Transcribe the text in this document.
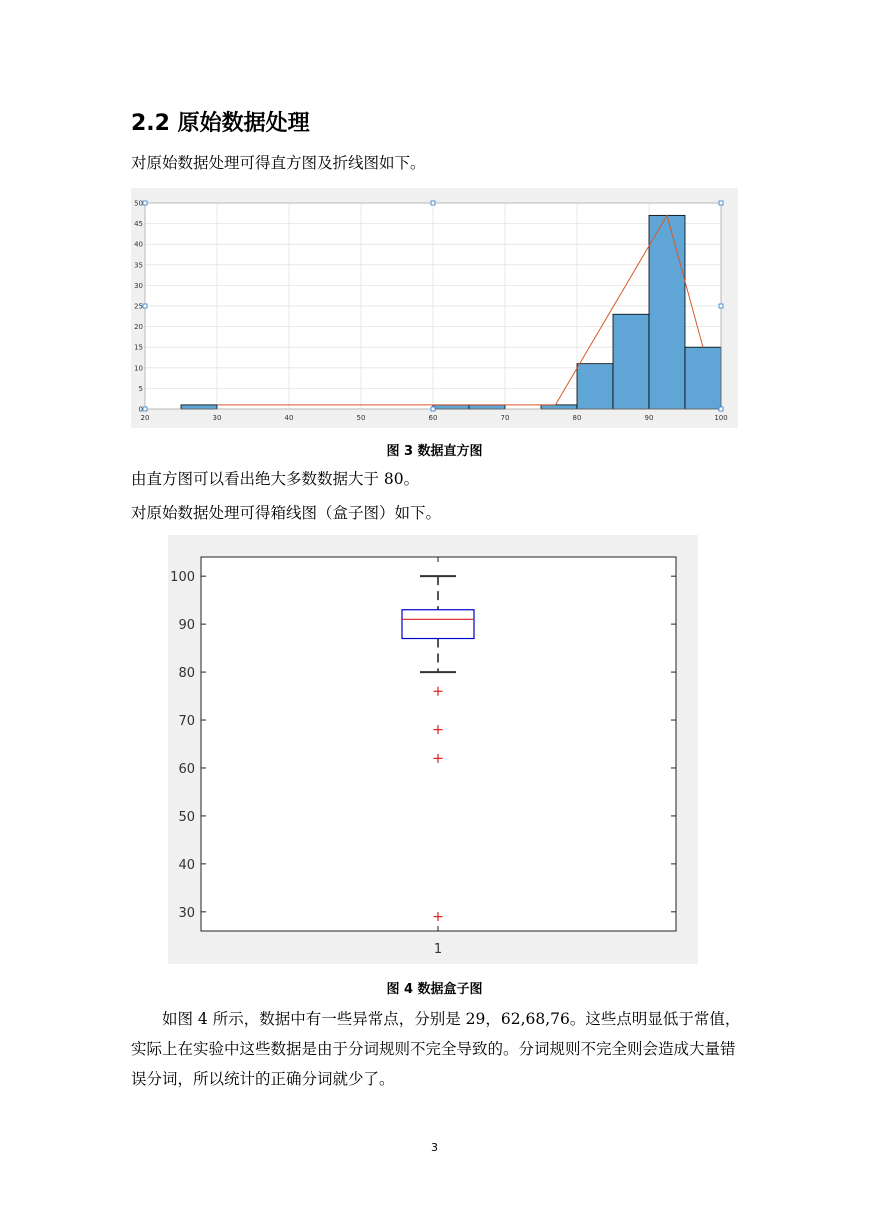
2.2 原始数据处理
对原始数据处理可得直方图及折线图如下。
20	30	40	50	60	70	80	90	100
0
5
10
15
20
25
30
35
40
45
50
图 3 数据直方图
由直方图可以看出绝大多数数据大于 80。
对原始数据处理可得箱线图（盒子图）如下。
30
40
50
60
70
80
90
100
1
图 4 数据盒子图
如图 4 所示，数据中有一些异常点，分别是 29，62,68,76。这些点明显低于常值，实际上在实验中这些数据是由于分词规则不完全导致的。分词规则不完全则会造成大量错误分词，所以统计的正确分词就少了。
3
